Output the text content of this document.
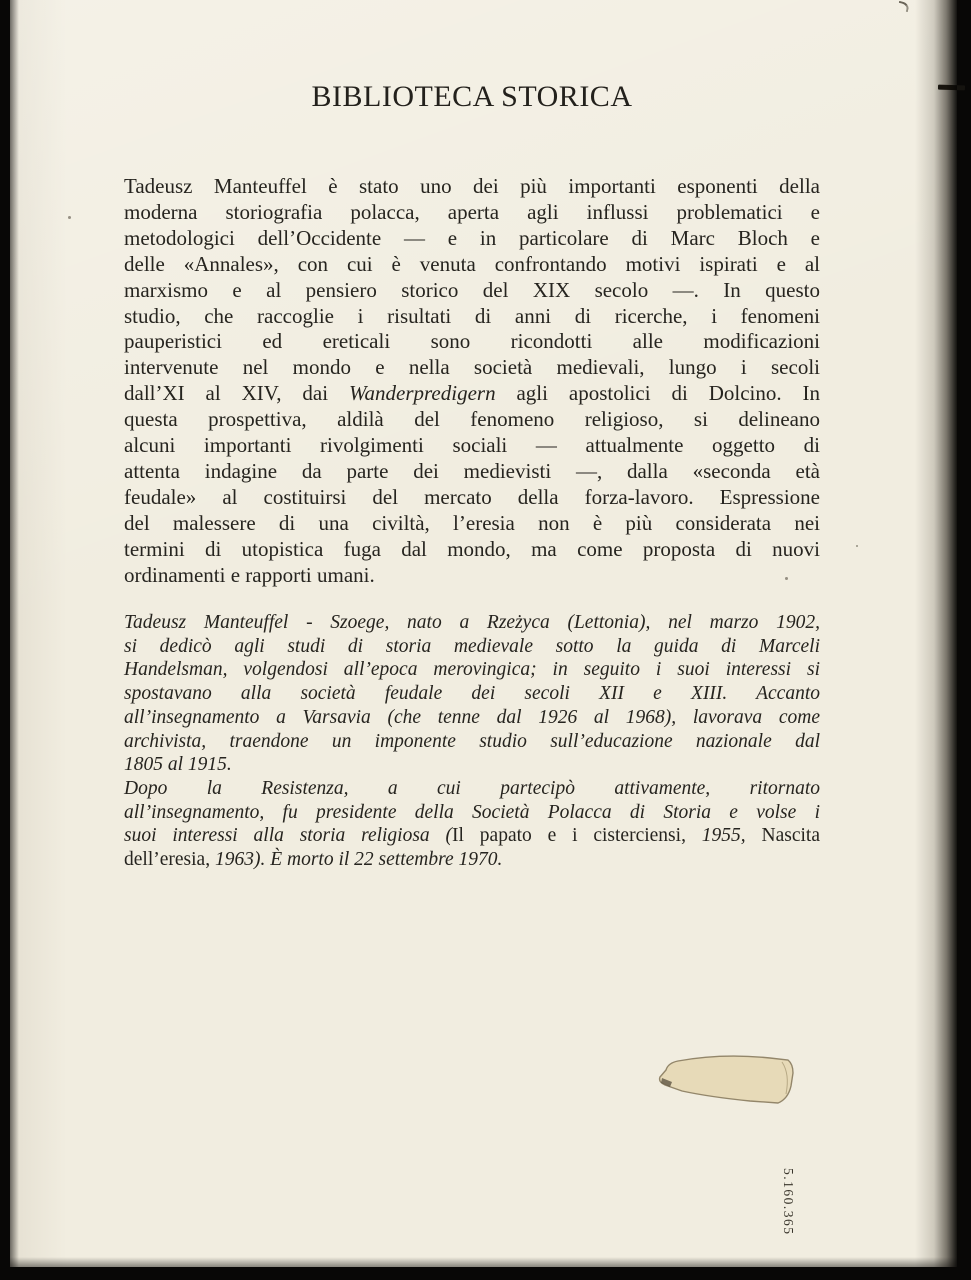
BIBLIOTECA STORICA
Tadeusz Manteuffel è stato uno dei più importanti esponenti della
moderna storiografia polacca, aperta agli influssi problematici e
metodologici dell’Occidente — e in particolare di Marc Bloch e
delle «Annales», con cui è venuta confrontando motivi ispirati e al
marxismo e al pensiero storico del XIX secolo —. In questo
studio, che raccoglie i risultati di anni di ricerche, i fenomeni
pauperistici ed ereticali sono ricondotti alle modificazioni
intervenute nel mondo e nella società medievali, lungo i secoli
dall’XI al XIV, dai Wanderpredigern agli apostolici di Dolcino. In
questa prospettiva, aldilà del fenomeno religioso, si delineano
alcuni importanti rivolgimenti sociali — attualmente oggetto di
attenta indagine da parte dei medievisti —, dalla «seconda età
feudale» al costituirsi del mercato della forza-lavoro. Espressione
del malessere di una civiltà, l’eresia non è più considerata nei
termini di utopistica fuga dal mondo, ma come proposta di nuovi
ordinamenti e rapporti umani.
Tadeusz Manteuffel - Szoege, nato a Rzeżyca (Lettonia), nel marzo 1902,
si dedicò agli studi di storia medievale sotto la guida di Marceli
Handelsman, volgendosi all’epoca merovingica; in seguito i suoi interessi si
spostavano alla società feudale dei secoli XII e XIII. Accanto
all’insegnamento a Varsavia (che tenne dal 1926 al 1968), lavorava come
archivista, traendone un imponente studio sull’educazione nazionale dal
1805 al 1915.
Dopo la Resistenza, a cui partecipò attivamente, ritornato
all’insegnamento, fu presidente della Società Polacca di Storia e volse i
suoi interessi alla storia religiosa (Il papato e i cisterciensi, 1955, Nascita
dell’eresia, 1963). È morto il 22 settembre 1970.
5.160.365
